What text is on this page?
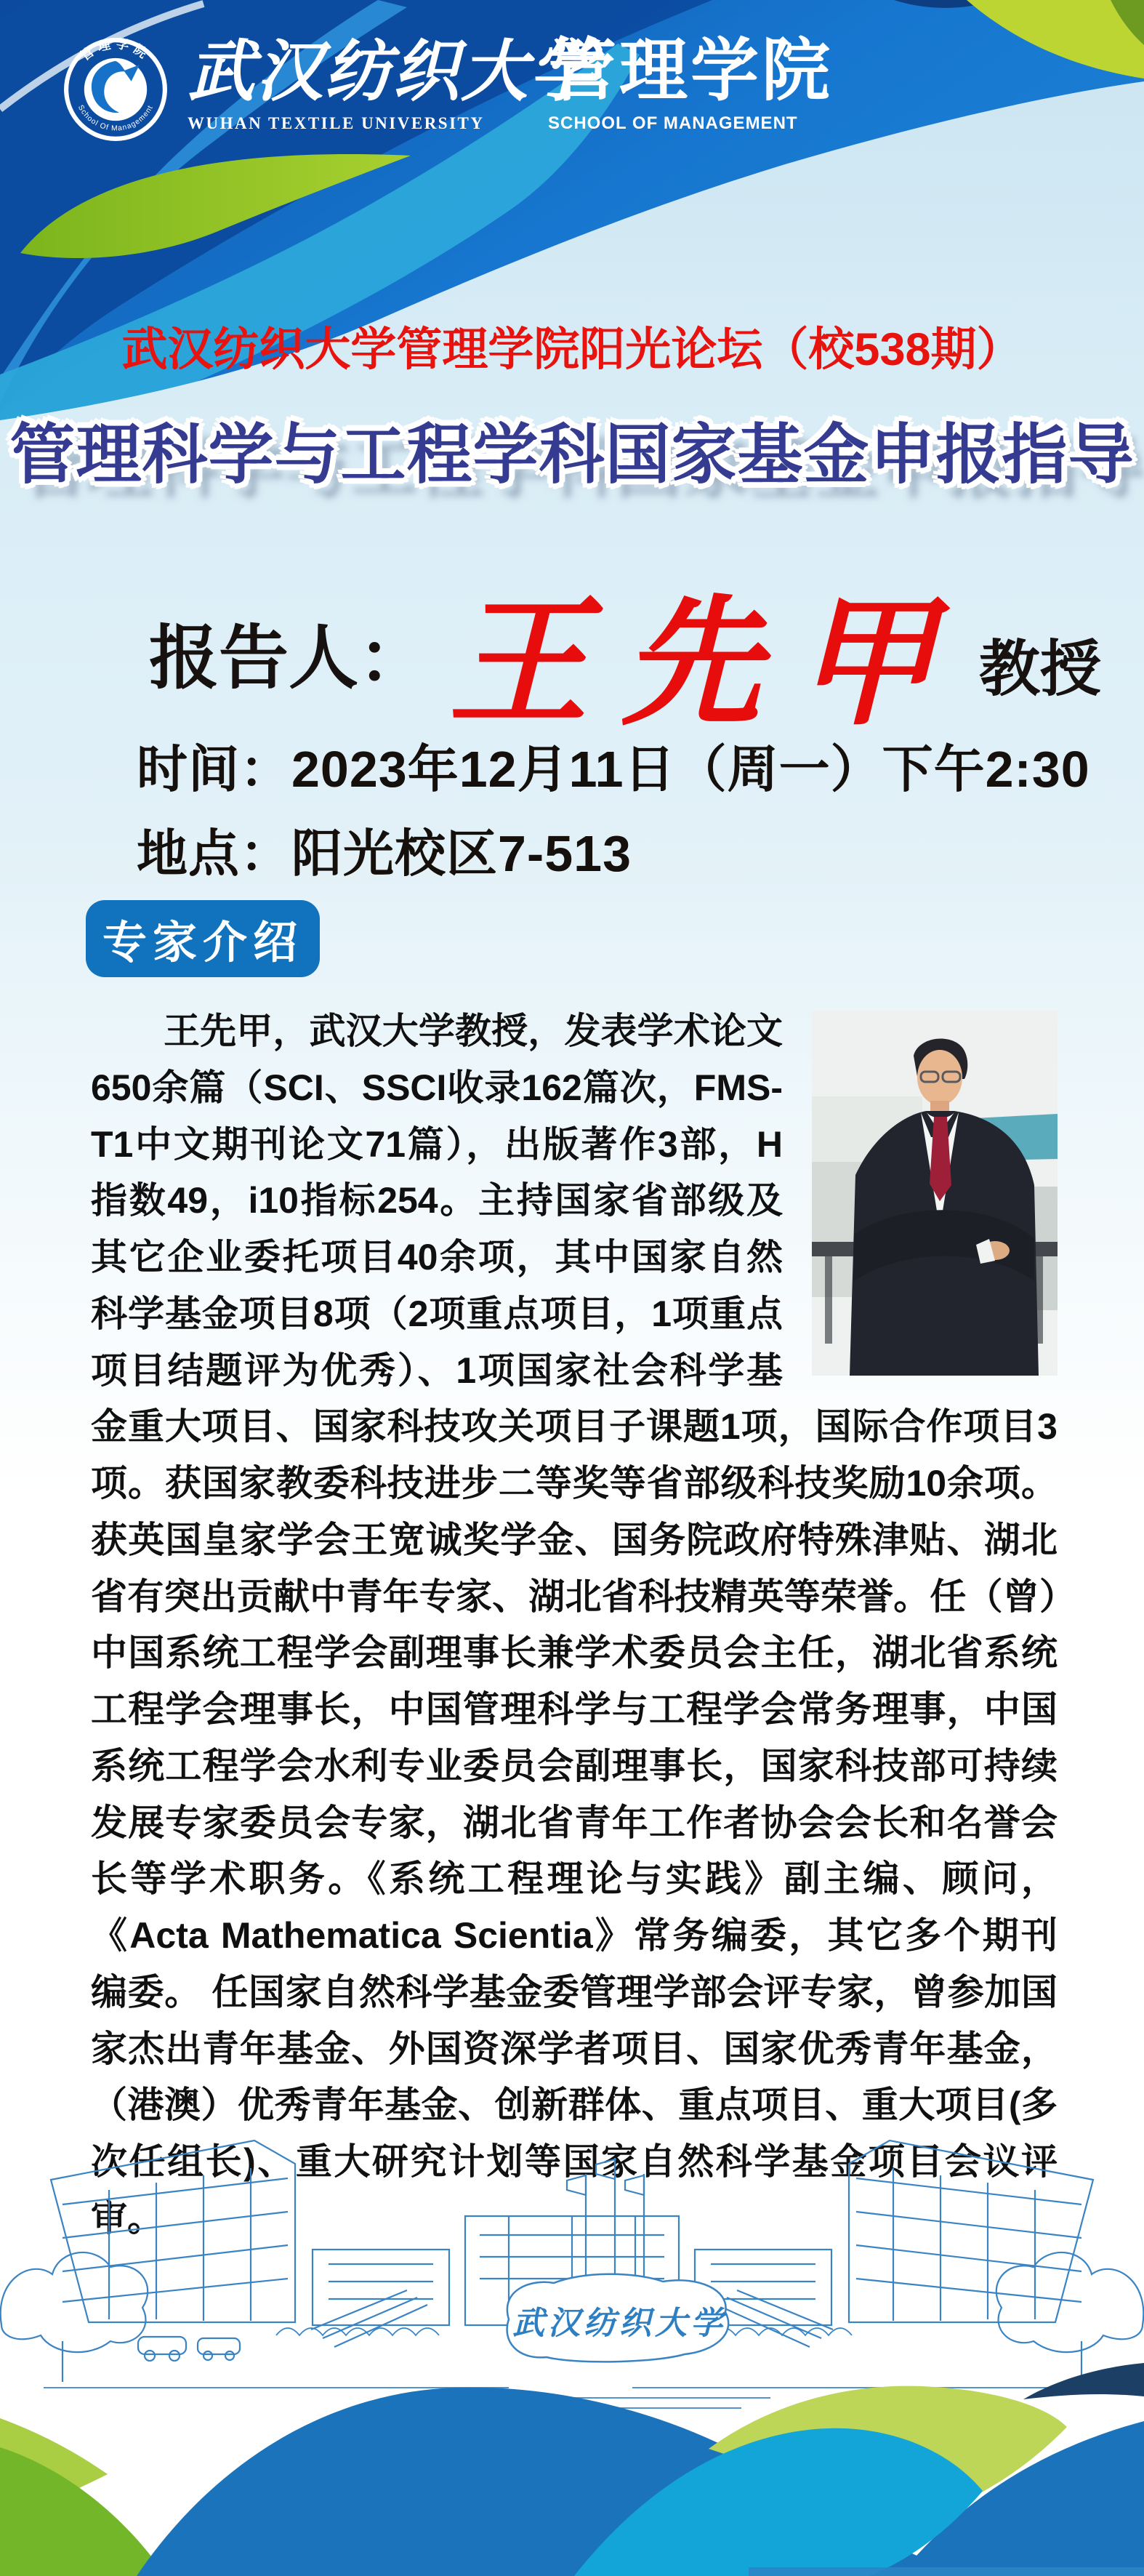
管理学院
School Of Management 武汉纺织大学
WUHAN TEXTILE UNIVERSITY
管理学院
SCHOOL OF MANAGEMENT
武汉纺织大学管理学院阳光论坛（校538期）
管理科学与工程学科国家基金申报指导
报告人： 王先甲 教授
时间：2023年12月11日（周一）下午2:30
地点：阳光校区7-513
专家介绍

王先甲，武汉大学教授，发表学术论文650余篇（SCI、SSCI收录162篇次，FMS-T1中文期刊论文71篇），出版著作3部，H指数49，i10指标254。主持国家省部级及其它企业委托项目40余项，其中国家自然科学基金项目8项（2项重点项目，1项重点项目结题评为优秀）、1项国家社会科学基金重大项目、国家科技攻关项目子课题1项，国际合作项目3项。获国家教委科技进步二等奖等省部级科技奖励10余项。获英国皇家学会王宽诚奖学金、国务院政府特殊津贴、湖北省有突出贡献中青年专家、湖北省科技精英等荣誉。任（曾）中国系统工程学会副理事长兼学术委员会主任，湖北省系统工程学会理事长，中国管理科学与工程学会常务理事，中国系统工程学会水利专业委员会副理事长，国家科技部可持续发展专家委员会专家，湖北省青年工作者协会会长和名誉会长等学术职务。《系统工程理论与实践》副主编、顾问，《Acta Mathematica Scientia》常务编委，其它多个期刊编委。 任国家自然科学基金委管理学部会评专家，曾参加国家杰出青年基金、外国资深学者项目、国家优秀青年基金，（港澳）优秀青年基金、创新群体、重点项目、重大项目(多次任组长)、重大研究计划等国家自然科学基金项目会议评审。

武汉纺织大学
